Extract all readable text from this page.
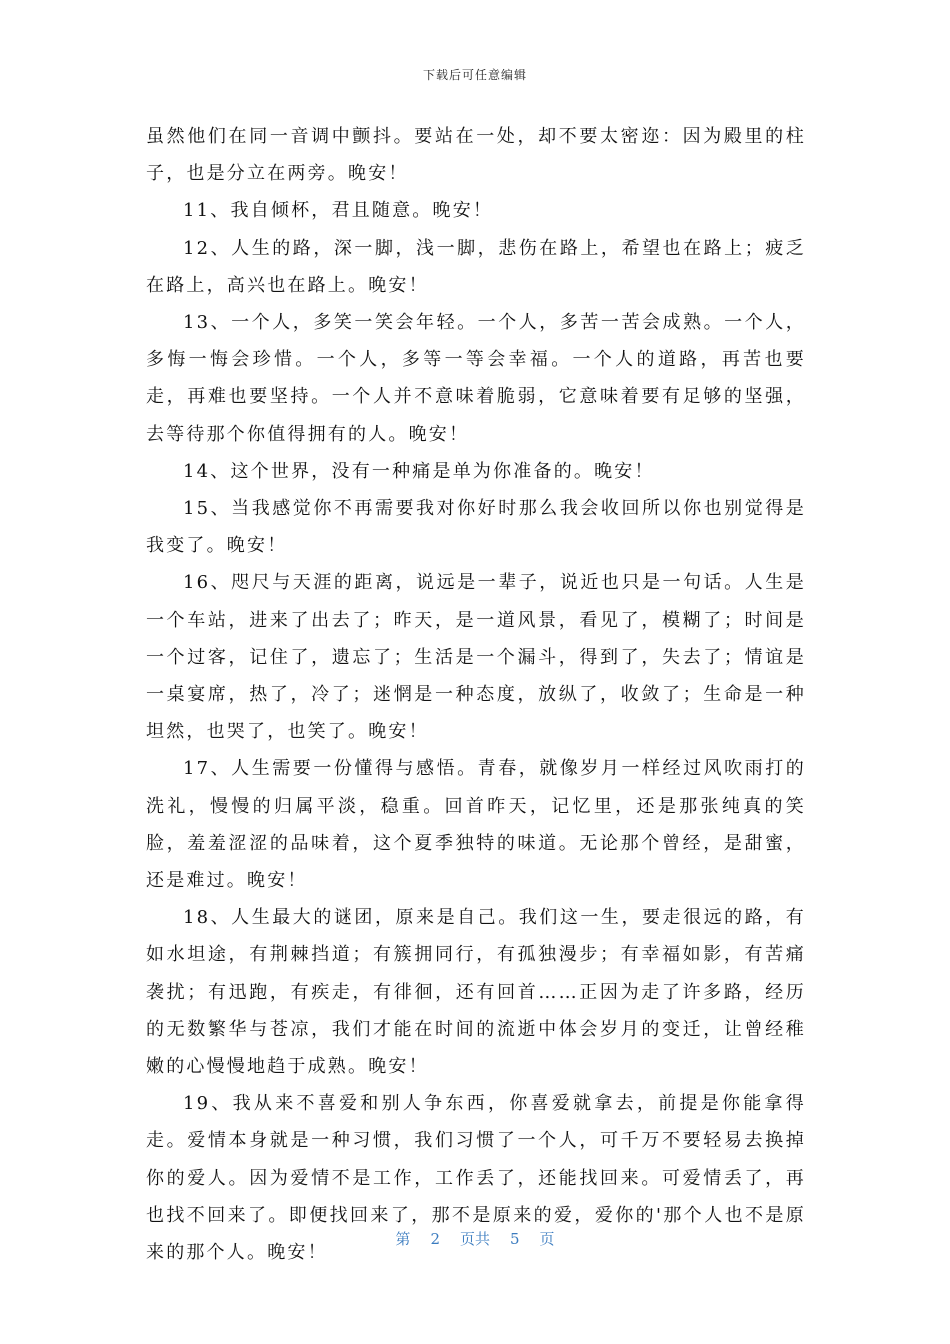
下载后可任意编辑

虽然他们在同一音调中颤抖。要站在一处，却不要太密迩：因为殿里的柱子，也是分立在两旁。晚安！

11、我自倾杯，君且随意。晚安！

12、人生的路，深一脚，浅一脚，悲伤在路上，希望也在路上；疲乏在路上，高兴也在路上。晚安！

13、一个人，多笑一笑会年轻。一个人，多苦一苦会成熟。一个人，多悔一悔会珍惜。一个人，多等一等会幸福。一个人的道路，再苦也要走，再难也要坚持。一个人并不意味着脆弱，它意味着要有足够的坚强，去等待那个你值得拥有的人。晚安！

14、这个世界，没有一种痛是单为你准备的。晚安！

15、当我感觉你不再需要我对你好时那么我会收回所以你也别觉得是我变了。晚安！

16、咫尺与天涯的距离，说远是一辈子，说近也只是一句话。人生是一个车站，进来了出去了；昨天，是一道风景，看见了，模糊了；时间是一个过客，记住了，遗忘了；生活是一个漏斗，得到了，失去了；情谊是一桌宴席，热了，冷了；迷惘是一种态度，放纵了，收敛了；生命是一种坦然，也哭了，也笑了。晚安！

17、人生需要一份懂得与感悟。青春，就像岁月一样经过风吹雨打的洗礼，慢慢的归属平淡，稳重。回首昨天，记忆里，还是那张纯真的笑脸，羞羞涩涩的品味着，这个夏季独特的味道。无论那个曾经，是甜蜜，还是难过。晚安！

18、人生最大的谜团，原来是自己。我们这一生，要走很远的路，有如水坦途，有荆棘挡道；有簇拥同行，有孤独漫步；有幸福如影，有苦痛袭扰；有迅跑，有疾走，有徘徊，还有回首……正因为走了许多路，经历的无数繁华与苍凉，我们才能在时间的流逝中体会岁月的变迁，让曾经稚嫩的心慢慢地趋于成熟。晚安！

19、我从来不喜爱和别人争东西，你喜爱就拿去，前提是你能拿得走。爱情本身就是一种习惯，我们习惯了一个人，可千万不要轻易去换掉你的爱人。因为爱情不是工作，工作丢了，还能找回来。可爱情丢了，再也找不回来了。即便找回来了，那不是原来的爱，爱你的'那个人也不是原来的那个人。晚安！

第 2 页共 5 页
